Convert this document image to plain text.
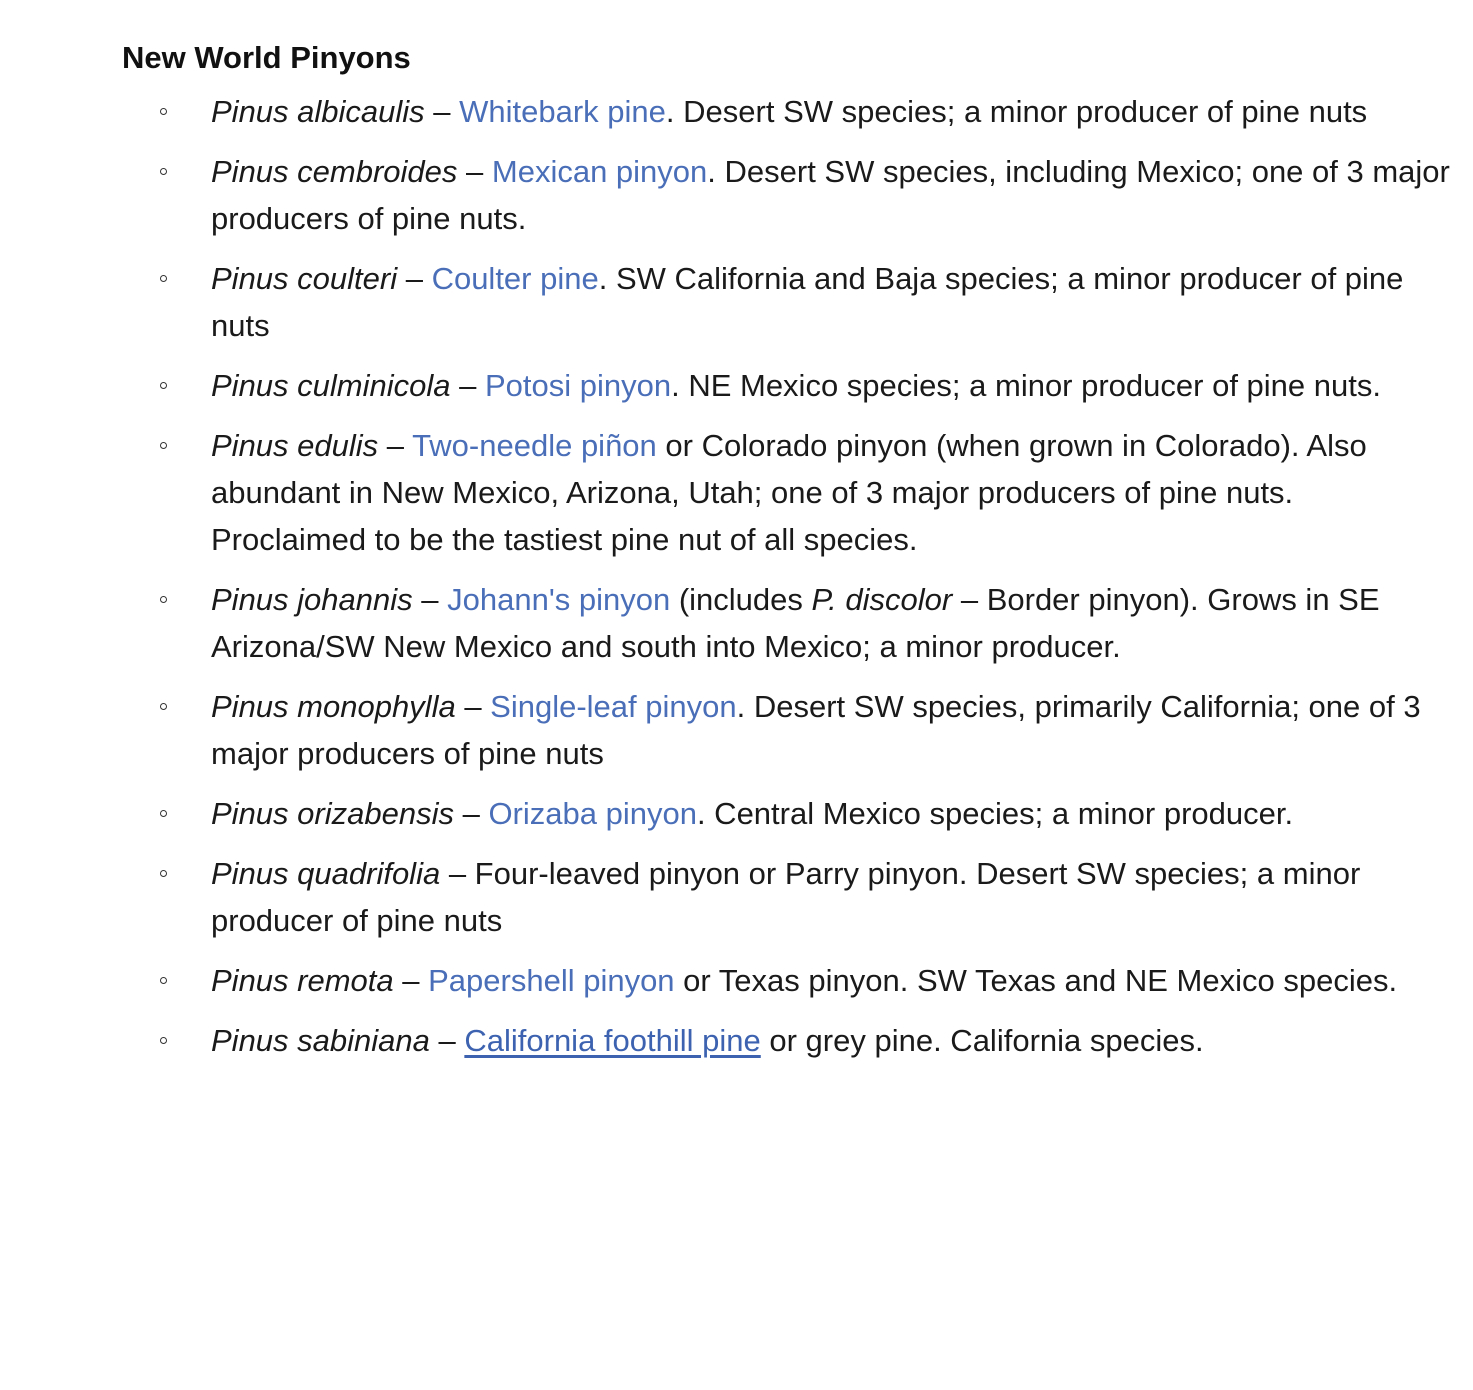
New World Pinyons
Pinus albicaulis – Whitebark pine. Desert SW species; a minor producer of pine nuts
Pinus cembroides – Mexican pinyon. Desert SW species, including Mexico; one of 3 major producers of pine nuts.
Pinus coulteri – Coulter pine. SW California and Baja species; a minor producer of pine nuts
Pinus culminicola – Potosi pinyon. NE Mexico species; a minor producer of pine nuts.
Pinus edulis – Two-needle piñon or Colorado pinyon (when grown in Colorado). Also abundant in New Mexico, Arizona, Utah; one of 3 major producers of pine nuts. Proclaimed to be the tastiest pine nut of all species.
Pinus johannis – Johann's pinyon (includes P. discolor – Border pinyon). Grows in SE Arizona/SW New Mexico and south into Mexico; a minor producer.
Pinus monophylla – Single-leaf pinyon. Desert SW species, primarily California; one of 3 major producers of pine nuts
Pinus orizabensis – Orizaba pinyon. Central Mexico species; a minor producer.
Pinus quadrifolia – Four-leaved pinyon or Parry pinyon. Desert SW species; a minor producer of pine nuts
Pinus remota – Papershell pinyon or Texas pinyon. SW Texas and NE Mexico species.
Pinus sabiniana – California foothill pine or grey pine. California species.
